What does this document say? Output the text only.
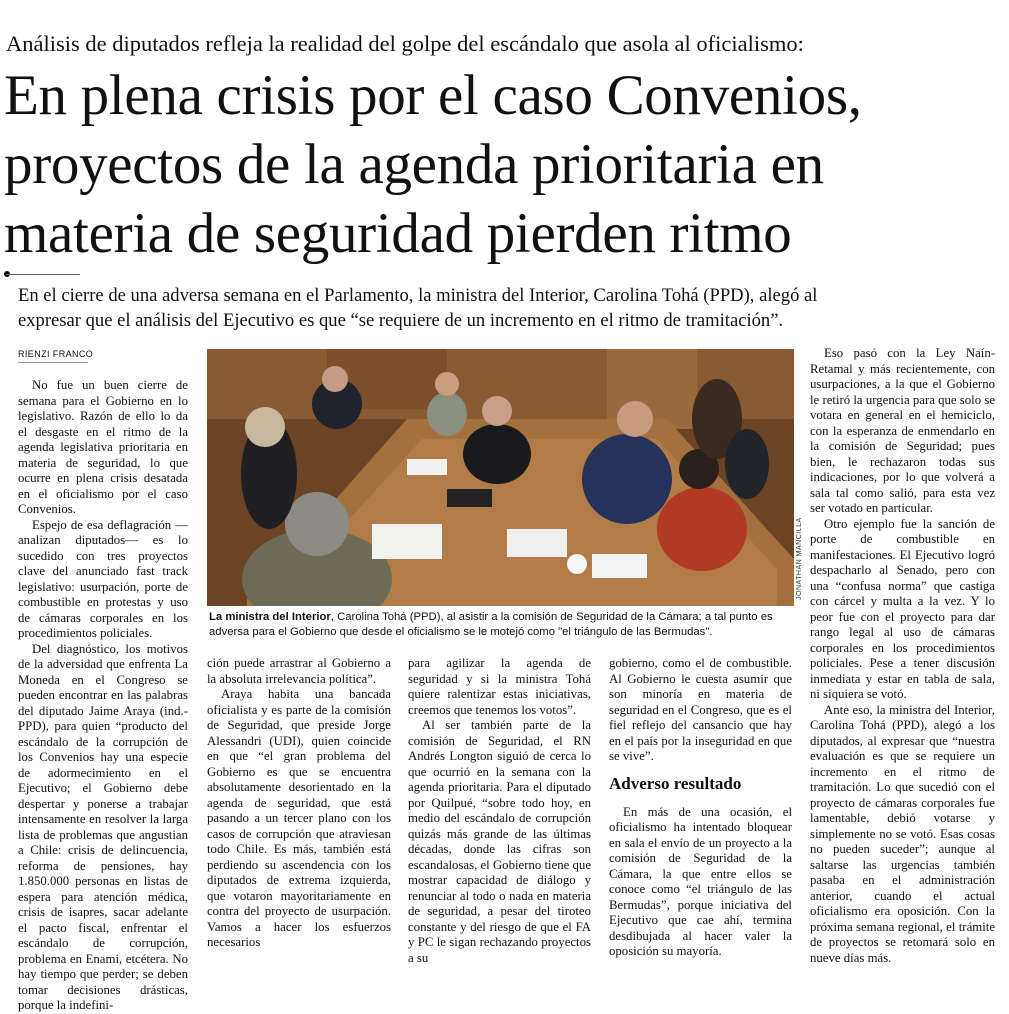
Análisis de diputados refleja la realidad del golpe del escándalo que asola al oficialismo:
En plena crisis por el caso Convenios,
proyectos de la agenda prioritaria en
materia de seguridad pierden ritmo
En el cierre de una adversa semana en el Parlamento, la ministra del Interior, Carolina Tohá (PPD), alegó al
expresar que el análisis del Ejecutivo es que “se requiere de un incremento en el ritmo de tramitación”.
RIENZI FRANCO

No fue un buen cierre de semana para el Gobierno en lo legislativo. Razón de ello lo da el desgaste en el ritmo de la agenda legislativa prioritaria en materia de seguridad, lo que ocurre en plena crisis desatada en el oficialismo por el caso Convenios.

Espejo de esa deflagración —analizan diputados— es lo sucedido con tres proyectos clave del anunciado fast track legislativo: usurpación, porte de combustible en protestas y uso de cámaras corporales en los procedimientos policiales.

Del diagnóstico, los motivos de la adversidad que enfrenta La Moneda en el Congreso se pueden encontrar en las palabras del diputado Jaime Araya (ind.-PPD), para quien “producto del escándalo de la corrupción de los Convenios hay una especie de adormecimiento en el Ejecutivo; el Gobierno debe despertar y ponerse a trabajar intensamente en resolver la larga lista de problemas que angustian a Chile: crisis de delincuencia, reforma de pensiones, hay 1.850.000 personas en listas de espera para atención médica, crisis de isapres, sacar adelante el pacto fiscal, enfrentar el escándalo de corrupción, problema en Enami, etcétera. No hay tiempo que perder; se deben tomar decisiones drásticas, porque la indefini-

JONATHAN MANCILLA
La ministra del Interior, Carolina Tohá (PPD), al asistir a la comisión de Seguridad de la Cámara; a tal punto es adversa para el Gobierno que desde el oficialismo se le motejó como "el triángulo de las Bermudas".

ción puede arrastrar al Gobierno a la absoluta irrelevancia política”.

Araya habita una bancada oficialista y es parte de la comisión de Seguridad, que preside Jorge Alessandri (UDI), quien coincide en que “el gran problema del Gobierno es que se encuentra absolutamente desorientado en la agenda de seguridad, que está pasando a un tercer plano con los casos de corrupción que atraviesan todo Chile. Es más, también está perdiendo su ascendencia con los diputados de extrema izquierda, que votaron mayoritariamente en contra del proyecto de usurpación. Vamos a hacer los esfuerzos necesarios

para agilizar la agenda de seguridad y si la ministra Tohá quiere ralentizar estas iniciativas, creemos que tenemos los votos”.

Al ser también parte de la comisión de Seguridad, el RN Andrés Longton siguió de cerca lo que ocurrió en la semana con la agenda prioritaria. Para el diputado por Quilpué, “sobre todo hoy, en medio del escándalo de corrupción quizás más grande de las últimas décadas, donde las cifras son escandalosas, el Gobierno tiene que mostrar capacidad de diálogo y renunciar al todo o nada en materia de seguridad, a pesar del tiroteo constante y del riesgo de que el FA y PC le sigan rechazando proyectos a su

gobierno, como el de combustible. Al Gobierno le cuesta asumir que son minoría en materia de seguridad en el Congreso, que es el fiel reflejo del cansancio que hay en el país por la inseguridad en que se vive”.

Adverso resultado

En más de una ocasión, el oficialismo ha intentado bloquear en sala el envío de un proyecto a la comisión de Seguridad de la Cámara, la que entre ellos se conoce como “el triángulo de las Bermudas”, porque iniciativa del Ejecutivo que cae ahí, termina desdibujada al hacer valer la oposición su mayoría.

Eso pasó con la Ley Naín-Retamal y más recientemente, con usurpaciones, a la que el Gobierno le retiró la urgencia para que solo se votara en general en el hemiciclo, con la esperanza de enmendarlo en la comisión de Seguridad; pues bien, le rechazaron todas sus indicaciones, por lo que volverá a sala tal como salió, para esta vez ser votado en particular.

Otro ejemplo fue la sanción de porte de combustible en manifestaciones. El Ejecutivo logró despacharlo al Senado, pero con una “confusa norma” que castiga con cárcel y multa a la vez. Y lo peor fue con el proyecto para dar rango legal al uso de cámaras corporales en los procedimientos policiales. Pese a tener discusión inmediata y estar en tabla de sala, ni siquiera se votó.

Ante eso, la ministra del Interior, Carolina Tohá (PPD), alegó a los diputados, al expresar que “nuestra evaluación es que se requiere un incremento en el ritmo de tramitación. Lo que sucedió con el proyecto de cámaras corporales fue lamentable, debió votarse y simplemente no se votó. Esas cosas no pueden suceder”; aunque al saltarse las urgencias también pasaba en el administración anterior, cuando el actual oficialismo era oposición. Con la próxima semana regional, el trámite de proyectos se retomará solo en nueve días más.
